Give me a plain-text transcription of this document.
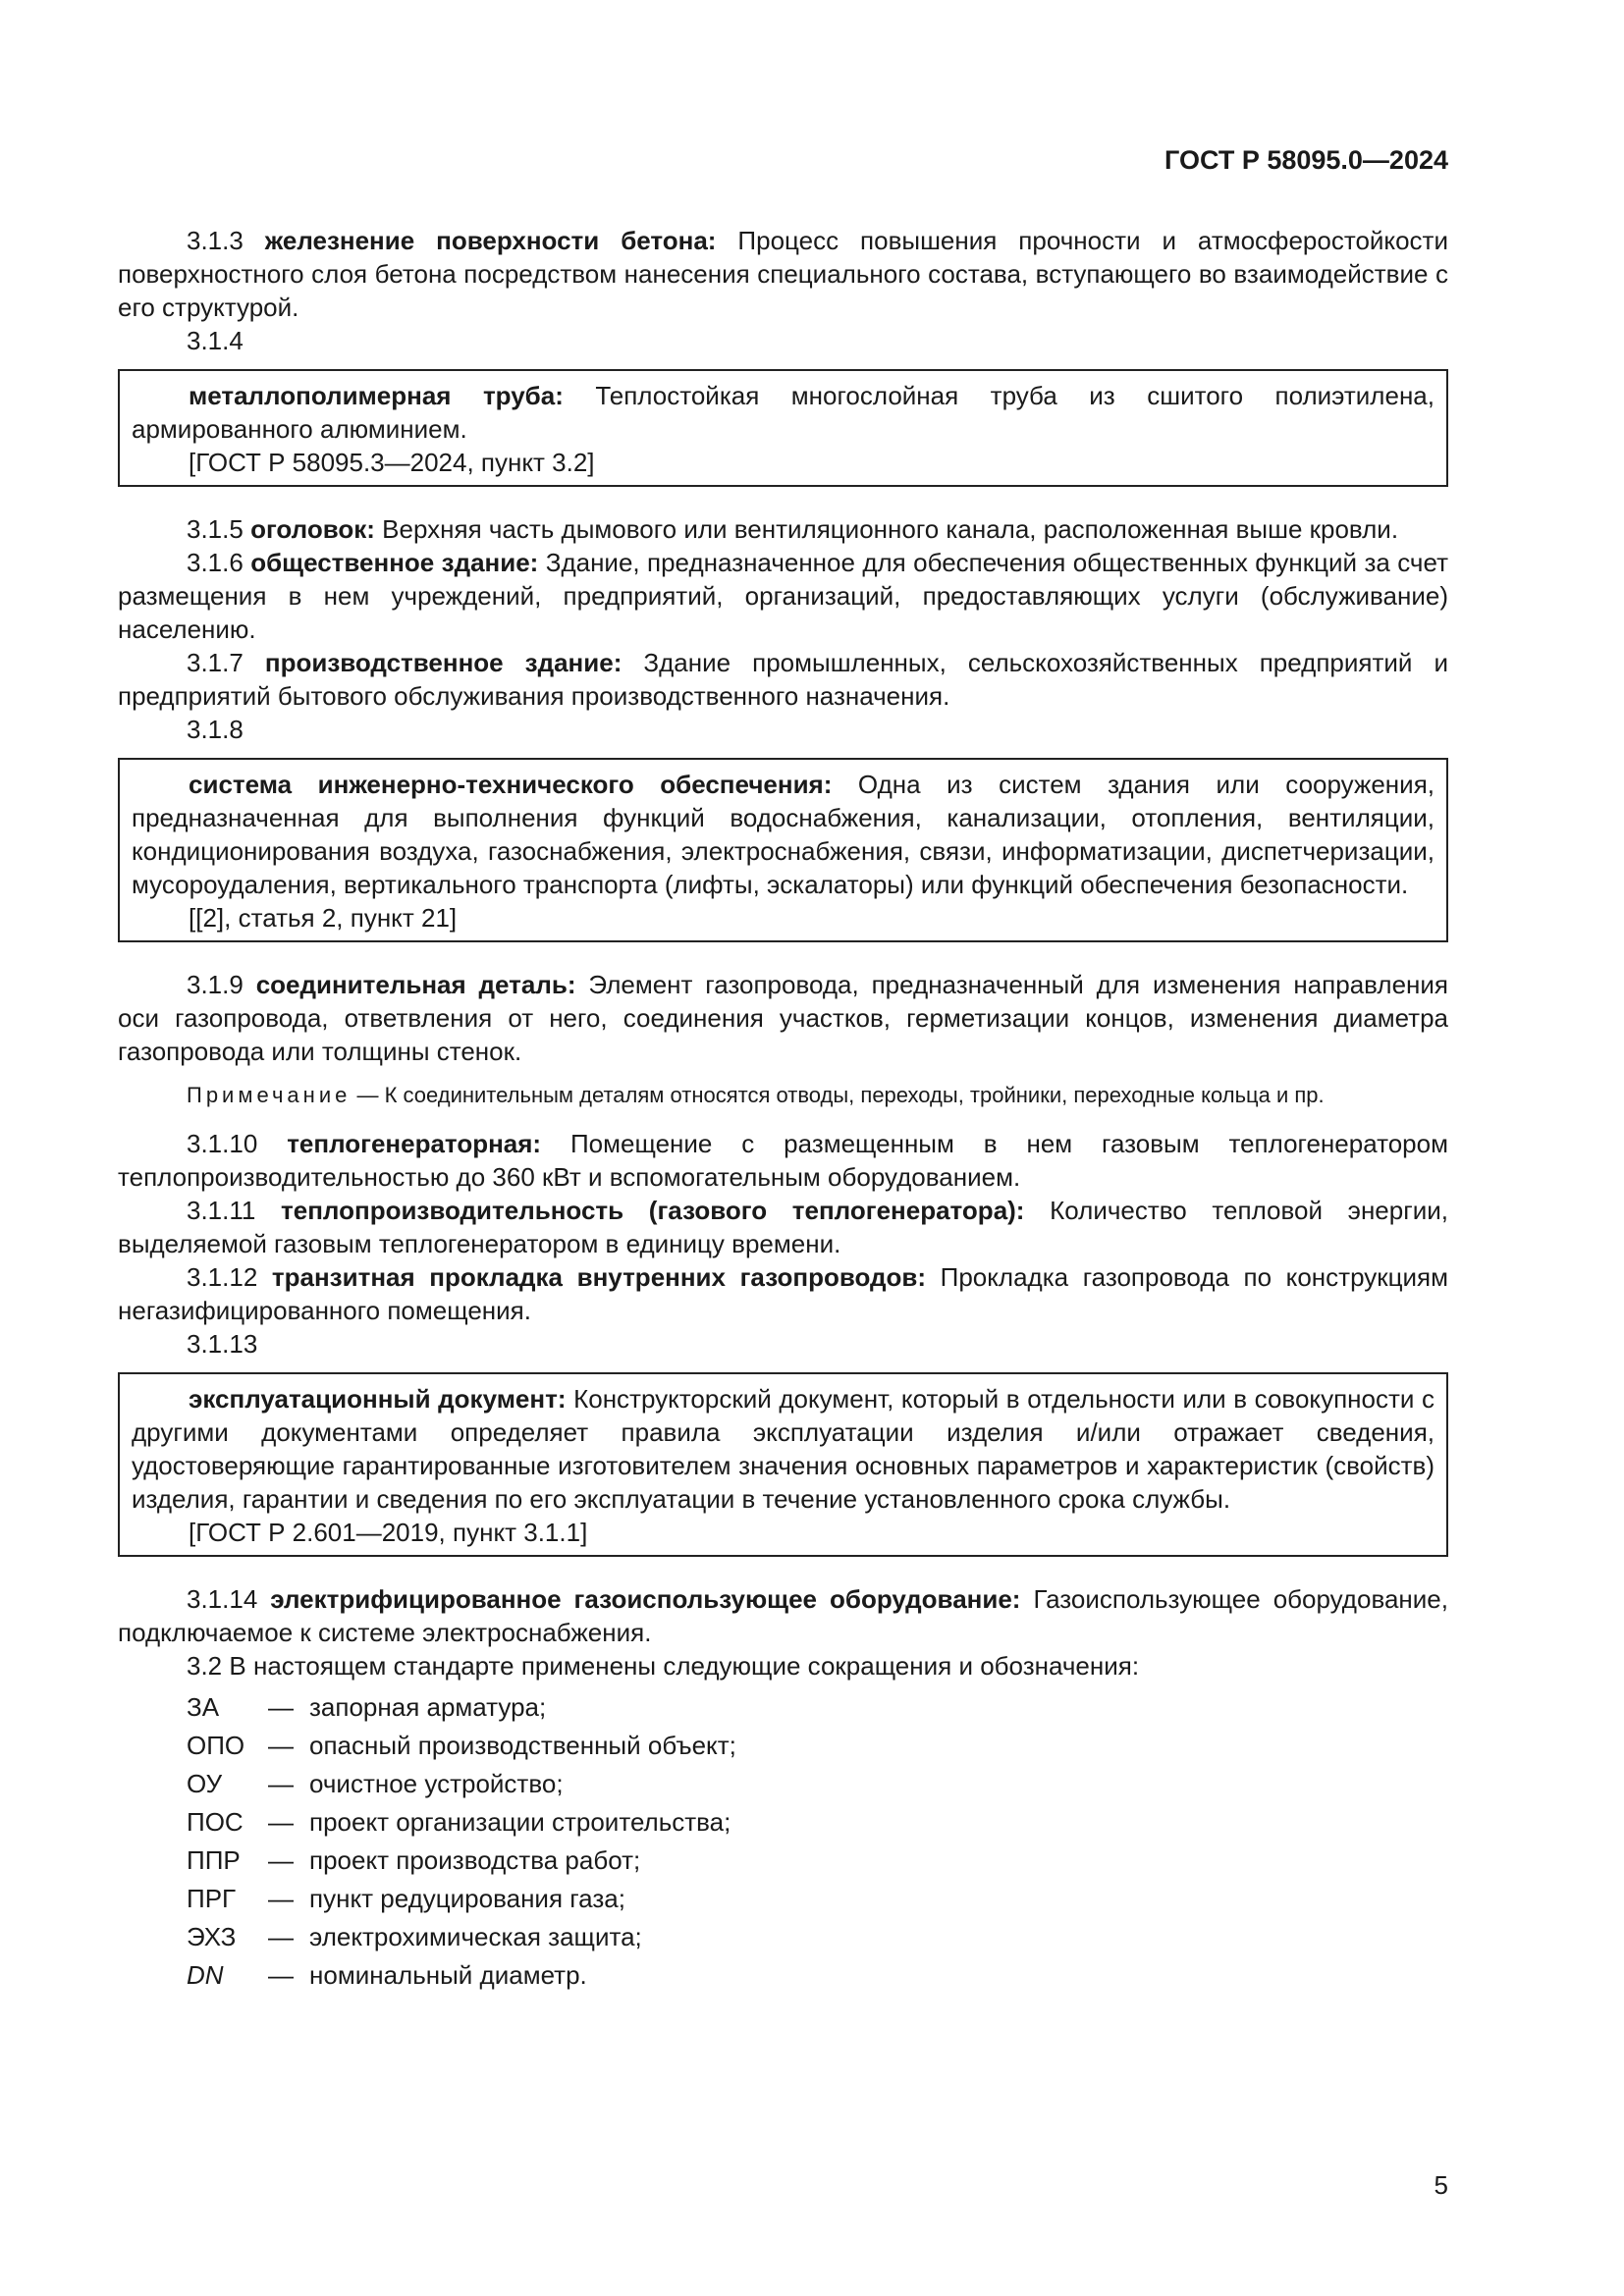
ГОСТ Р 58095.0—2024

3.1.3 железнение поверхности бетона: Процесс повышения прочности и атмосферостойкости поверхностного слоя бетона посредством нанесения специального состава, вступающего во взаимодействие с его структурой.

3.1.4

металлополимерная труба: Теплостойкая многослойная труба из сшитого полиэтилена, армированного алюминием.

[ГОСТ Р 58095.3—2024, пункт 3.2]

3.1.5 оголовок: Верхняя часть дымового или вентиляционного канала, расположенная выше кровли.

3.1.6 общественное здание: Здание, предназначенное для обеспечения общественных функций за счет размещения в нем учреждений, предприятий, организаций, предоставляющих услуги (обслуживание) населению.

3.1.7 производственное здание: Здание промышленных, сельскохозяйственных предприятий и предприятий бытового обслуживания производственного назначения.

3.1.8

система инженерно-технического обеспечения: Одна из систем здания или сооружения, предназначенная для выполнения функций водоснабжения, канализации, отопления, вентиляции, кондиционирования воздуха, газоснабжения, электроснабжения, связи, информатизации, диспетчеризации, мусороудаления, вертикального транспорта (лифты, эскалаторы) или функций обеспечения безопасности.

[[2], статья 2, пункт 21]

3.1.9 соединительная деталь: Элемент газопровода, предназначенный для изменения направления оси газопровода, ответвления от него, соединения участков, герметизации концов, изменения диаметра газопровода или толщины стенок.

Примечание — К соединительным деталям относятся отводы, переходы, тройники, переходные кольца и пр.

3.1.10 теплогенераторная: Помещение с размещенным в нем газовым теплогенератором теплопроизводительностью до 360 кВт и вспомогательным оборудованием.

3.1.11 теплопроизводительность (газового теплогенератора): Количество тепловой энергии, выделяемой газовым теплогенератором в единицу времени.

3.1.12 транзитная прокладка внутренних газопроводов: Прокладка газопровода по конструкциям негазифицированного помещения.

3.1.13

эксплуатационный документ: Конструкторский документ, который в отдельности или в совокупности с другими документами определяет правила эксплуатации изделия и/или отражает сведения, удостоверяющие гарантированные изготовителем значения основных параметров и характеристик (свойств) изделия, гарантии и сведения по его эксплуатации в течение установленного срока службы.

[ГОСТ Р 2.601—2019, пункт 3.1.1]

3.1.14 электрифицированное газоиспользующее оборудование: Газоиспользующее оборудование, подключаемое к системе электроснабжения.

3.2 В настоящем стандарте применены следующие сокращения и обозначения:

ЗА	— запорная арматура;
ОПО — опасный производственный объект;
ОУ	— очистное устройство;
ПОС — проект организации строительства;
ППР	— проект производства работ;
ПРГ	— пункт редуцирования газа;
ЭХЗ	— электрохимическая защита;
DN	— номинальный диаметр.
5
